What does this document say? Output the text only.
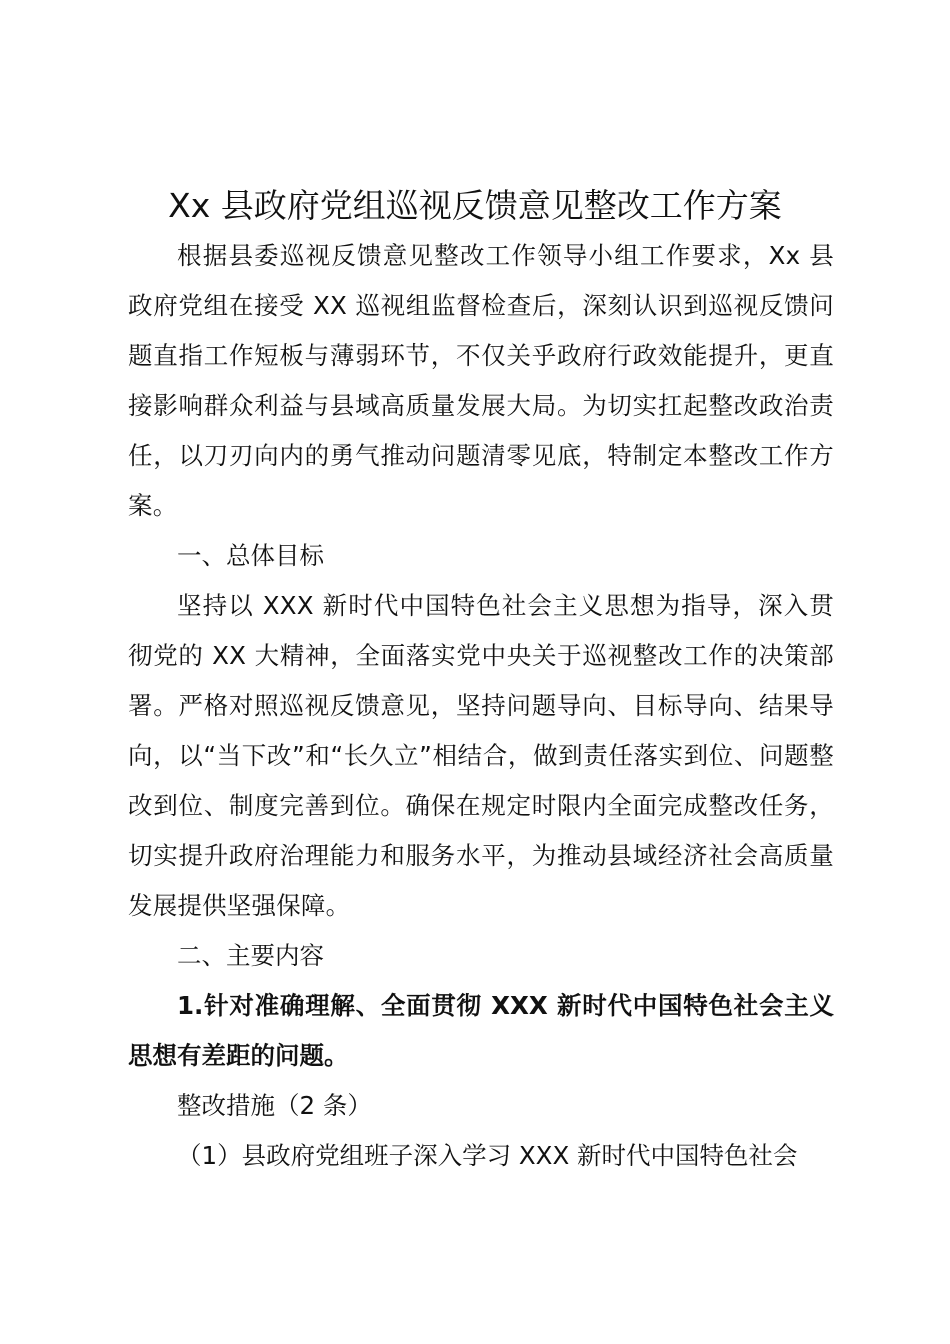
Xx 县政府党组巡视反馈意见整改工作方案

根据县委巡视反馈意见整改工作领导小组工作要求，Xx 县政府党组在接受 XX 巡视组监督检查后，深刻认识到巡视反馈问题直指工作短板与薄弱环节，不仅关乎政府行政效能提升，更直接影响群众利益与县域高质量发展大局。为切实扛起整改政治责任，以刀刃向内的勇气推动问题清零见底，特制定本整改工作方案。

一、总体目标

坚持以 XXX 新时代中国特色社会主义思想为指导，深入贯彻党的 XX 大精神，全面落实党中央关于巡视整改工作的决策部署。严格对照巡视反馈意见，坚持问题导向、目标导向、结果导向，以“当下改”和“长久立”相结合，做到责任落实到位、问题整改到位、制度完善到位。确保在规定时限内全面完成整改任务，切实提升政府治理能力和服务水平，为推动县域经济社会高质量发展提供坚强保障。

二、主要内容

1.针对准确理解、全面贯彻 XXX 新时代中国特色社会主义思想有差距的问题。

整改措施（2 条）

（1）县政府党组班子深入学习 XXX 新时代中国特色社会
